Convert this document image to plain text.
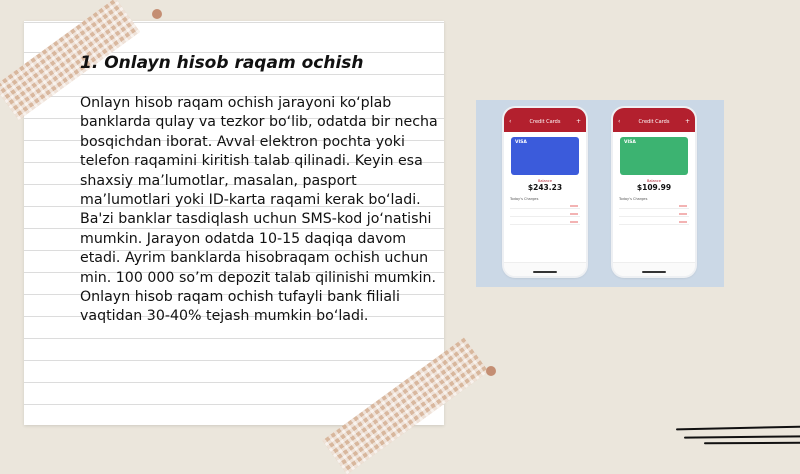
1. Onlayn hisob raqam ochish

Onlayn hisob raqam ochish jarayoni ko‘plab banklarda qulay va tezkor bo‘lib, odatda bir necha bosqichdan iborat. Avval elektron pochta yoki telefon raqamini kiritish talab qilinadi. Keyin esa shaxsiy ma’lumotlar, masalan, pasport ma’lumotlari yoki ID-karta raqami kerak bo‘ladi. Ba'zi banklar tasdiqlash uchun SMS-kod jo‘natishi mumkin. Jarayon odatda 10-15 daqiqa davom etadi. Ayrim banklarda hisobraqam ochish uchun min. 100 000 so’m depozit talab qilinishi mumkin. Onlayn hisob raqam ochish tufayli bank filiali vaqtidan 30-40% tejash mumkin bo‘ladi.

‹	Credit Cards	+
VISA
Balance
$243.23
Today's Charges
‹	Credit Cards	+
VISA
Balance
$109.99
Today's Charges
